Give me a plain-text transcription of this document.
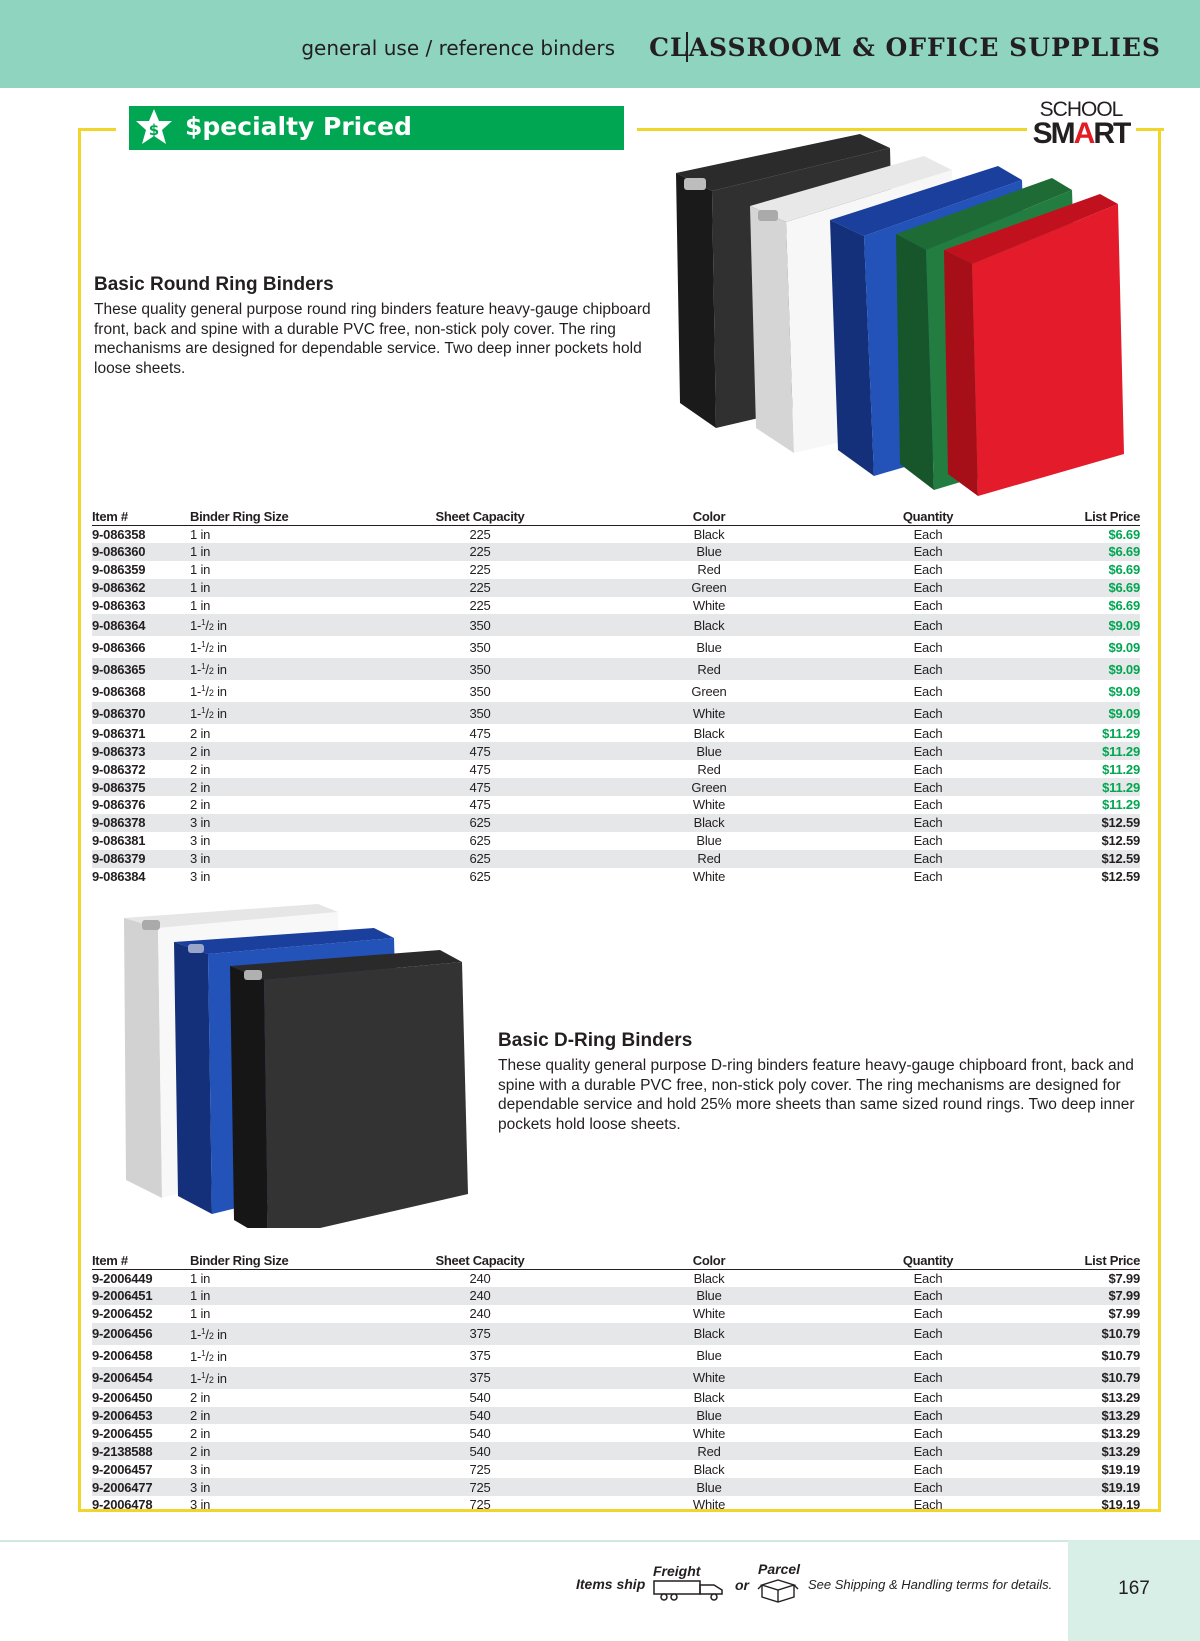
general use / reference binders CLASSROOM & OFFICE SUPPLIES
$ $pecialty Priced
SCHOOL
SMART
Basic Round Ring Binders
These quality general purpose round ring binders feature heavy-gauge chipboard front, back and spine with a durable PVC free, non-stick poly cover. The ring mechanisms are designed for dependable service. Two deep inner pockets hold loose sheets.
Item #	Binder Ring Size	Sheet Capacity	Color	Quantity	List Price
9-086358	1 in	225	Black	Each	$6.69
9-086360	1 in	225	Blue	Each	$6.69
9-086359	1 in	225	Red	Each	$6.69
9-086362	1 in	225	Green	Each	$6.69
9-086363	1 in	225	White	Each	$6.69
9-086364	1-$^1$/2 in	350	Black	Each	$9.09
9-086366	1-$^1$/2 in	350	Blue	Each	$9.09
9-086365	1-$^1$/2 in	350	Red	Each	$9.09
9-086368	1-$^1$/2 in	350	Green	Each	$9.09
9-086370	1-$^1$/2 in	350	White	Each	$9.09
9-086371	2 in	475	Black	Each	$11.29
9-086373	2 in	475	Blue	Each	$11.29
9-086372	2 in	475	Red	Each	$11.29
9-086375	2 in	475	Green	Each	$11.29
9-086376	2 in	475	White	Each	$11.29
9-086378	3 in	625	Black	Each	$12.59
9-086381	3 in	625	Blue	Each	$12.59
9-086379	3 in	625	Red	Each	$12.59
9-086384	3 in	625	White	Each	$12.59
Basic D-Ring Binders
These quality general purpose D-ring binders feature heavy-gauge chipboard front, back and spine with a durable PVC free, non-stick poly cover. The ring mechanisms are designed for dependable service and hold 25% more sheets than same sized round rings. Two deep inner pockets hold loose sheets.
Item #	Binder Ring Size	Sheet Capacity	Color	Quantity	List Price
9-2006449	1 in	240	Black	Each	$7.99
9-2006451	1 in	240	Blue	Each	$7.99
9-2006452	1 in	240	White	Each	$7.99
9-2006456	1-$^1$/2 in	375	Black	Each	$10.79
9-2006458	1-$^1$/2 in	375	Blue	Each	$10.79
9-2006454	1-$^1$/2 in	375	White	Each	$10.79
9-2006450	2 in	540	Black	Each	$13.29
9-2006453	2 in	540	Blue	Each	$13.29
9-2006455	2 in	540	White	Each	$13.29
9-2138588	2 in	540	Red	Each	$13.29
9-2006457	3 in	725	Black	Each	$19.19
9-2006477	3 in	725	Blue	Each	$19.19
9-2006478	3 in	725	White	Each	$19.19
167
Items ship
Freight
or
Parcel
See Shipping & Handling terms for details.
